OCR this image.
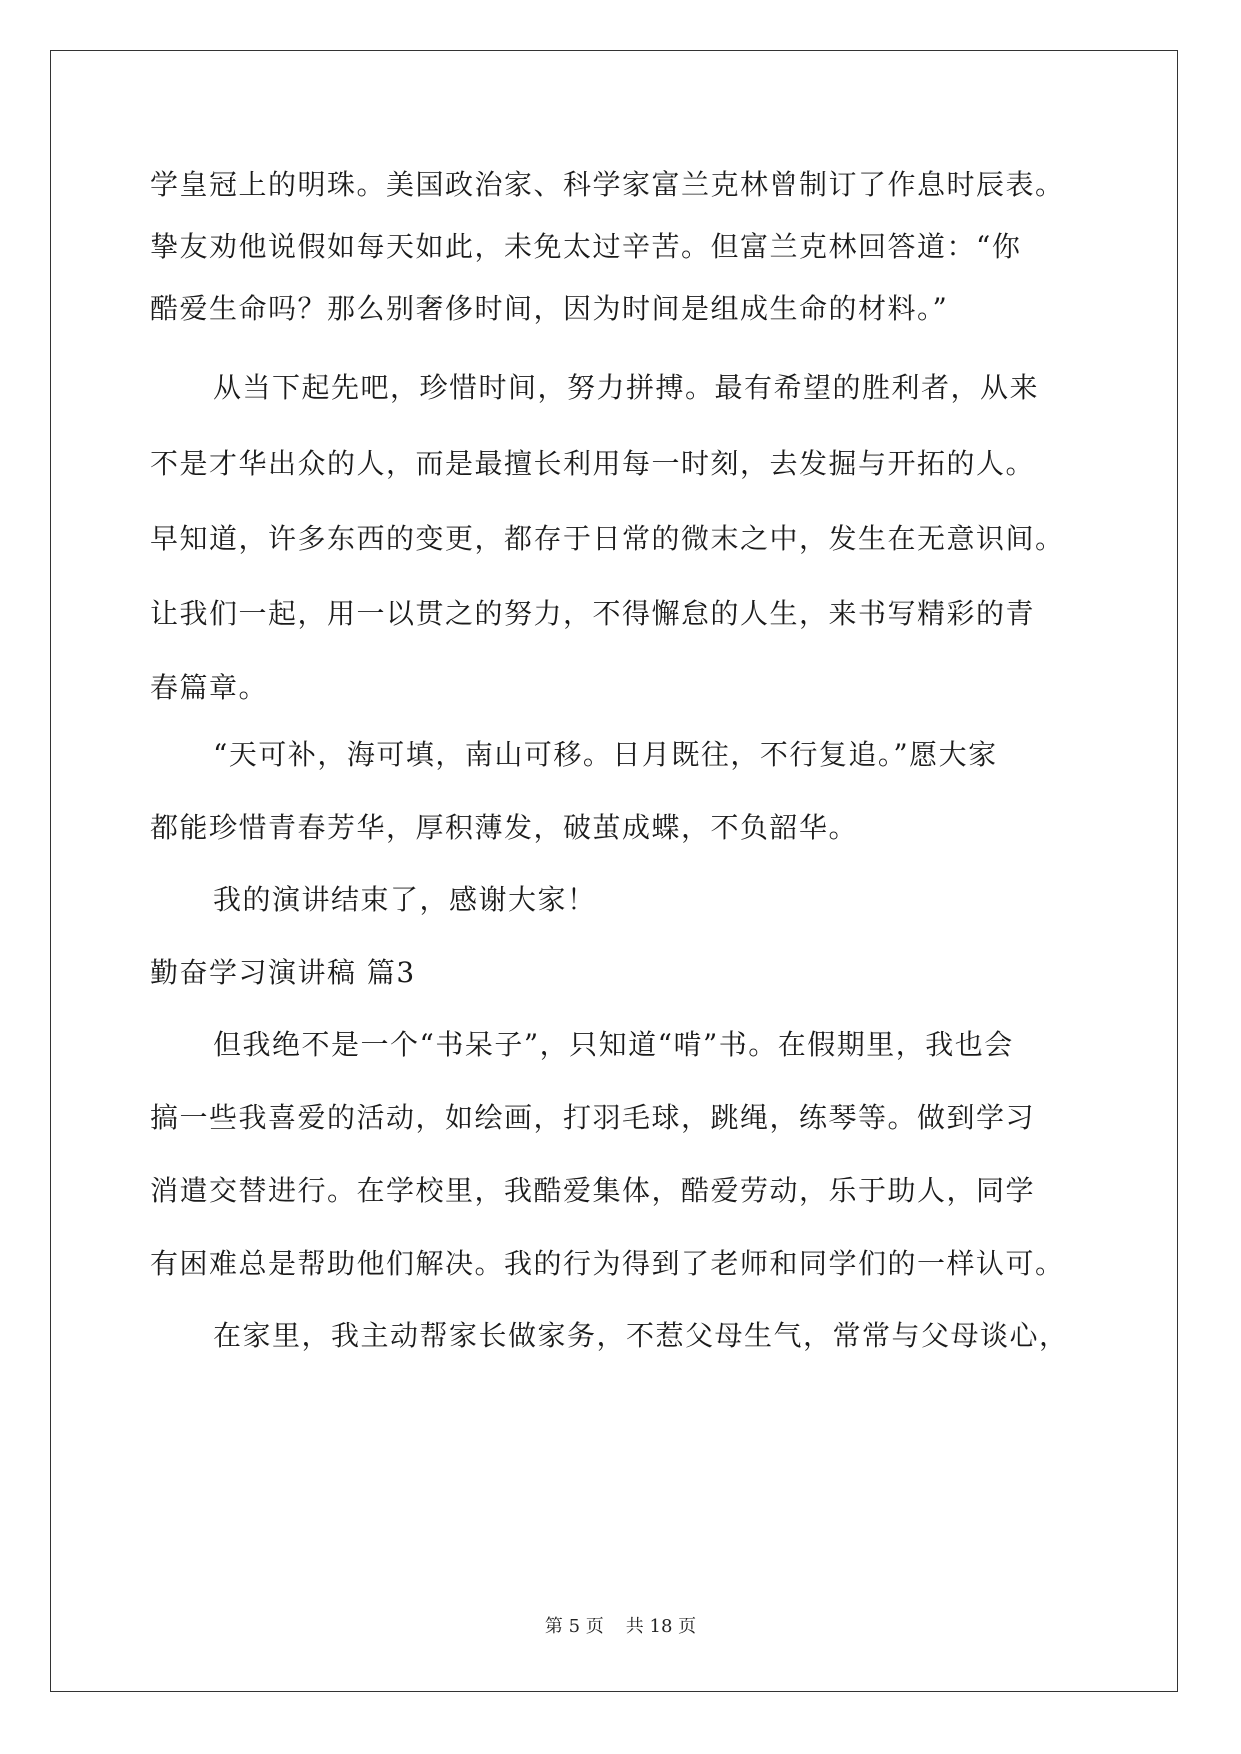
学皇冠上的明珠。美国政治家、科学家富兰克林曾制订了作息时辰表。
挚友劝他说假如每天如此，未免太过辛苦。但富兰克林回答道：“你
酷爱生命吗？那么别奢侈时间，因为时间是组成生命的材料。”
从当下起先吧，珍惜时间，努力拼搏。最有希望的胜利者，从来
不是才华出众的人，而是最擅长利用每一时刻，去发掘与开拓的人。
早知道，许多东西的变更，都存于日常的微末之中，发生在无意识间。
让我们一起，用一以贯之的努力，不得懈怠的人生，来书写精彩的青
春篇章。
“天可补，海可填，南山可移。日月既往，不行复追。”愿大家
都能珍惜青春芳华，厚积薄发，破茧成蝶，不负韶华。
我的演讲结束了，感谢大家！
勤奋学习演讲稿 篇3
但我绝不是一个“书呆子”，只知道“啃”书。在假期里，我也会
搞一些我喜爱的活动，如绘画，打羽毛球，跳绳，练琴等。做到学习
消遣交替进行。在学校里，我酷爱集体，酷爱劳动，乐于助人，同学
有困难总是帮助他们解决。我的行为得到了老师和同学们的一样认可。
在家里，我主动帮家长做家务，不惹父母生气，常常与父母谈心，
第 5 页 共 18 页
